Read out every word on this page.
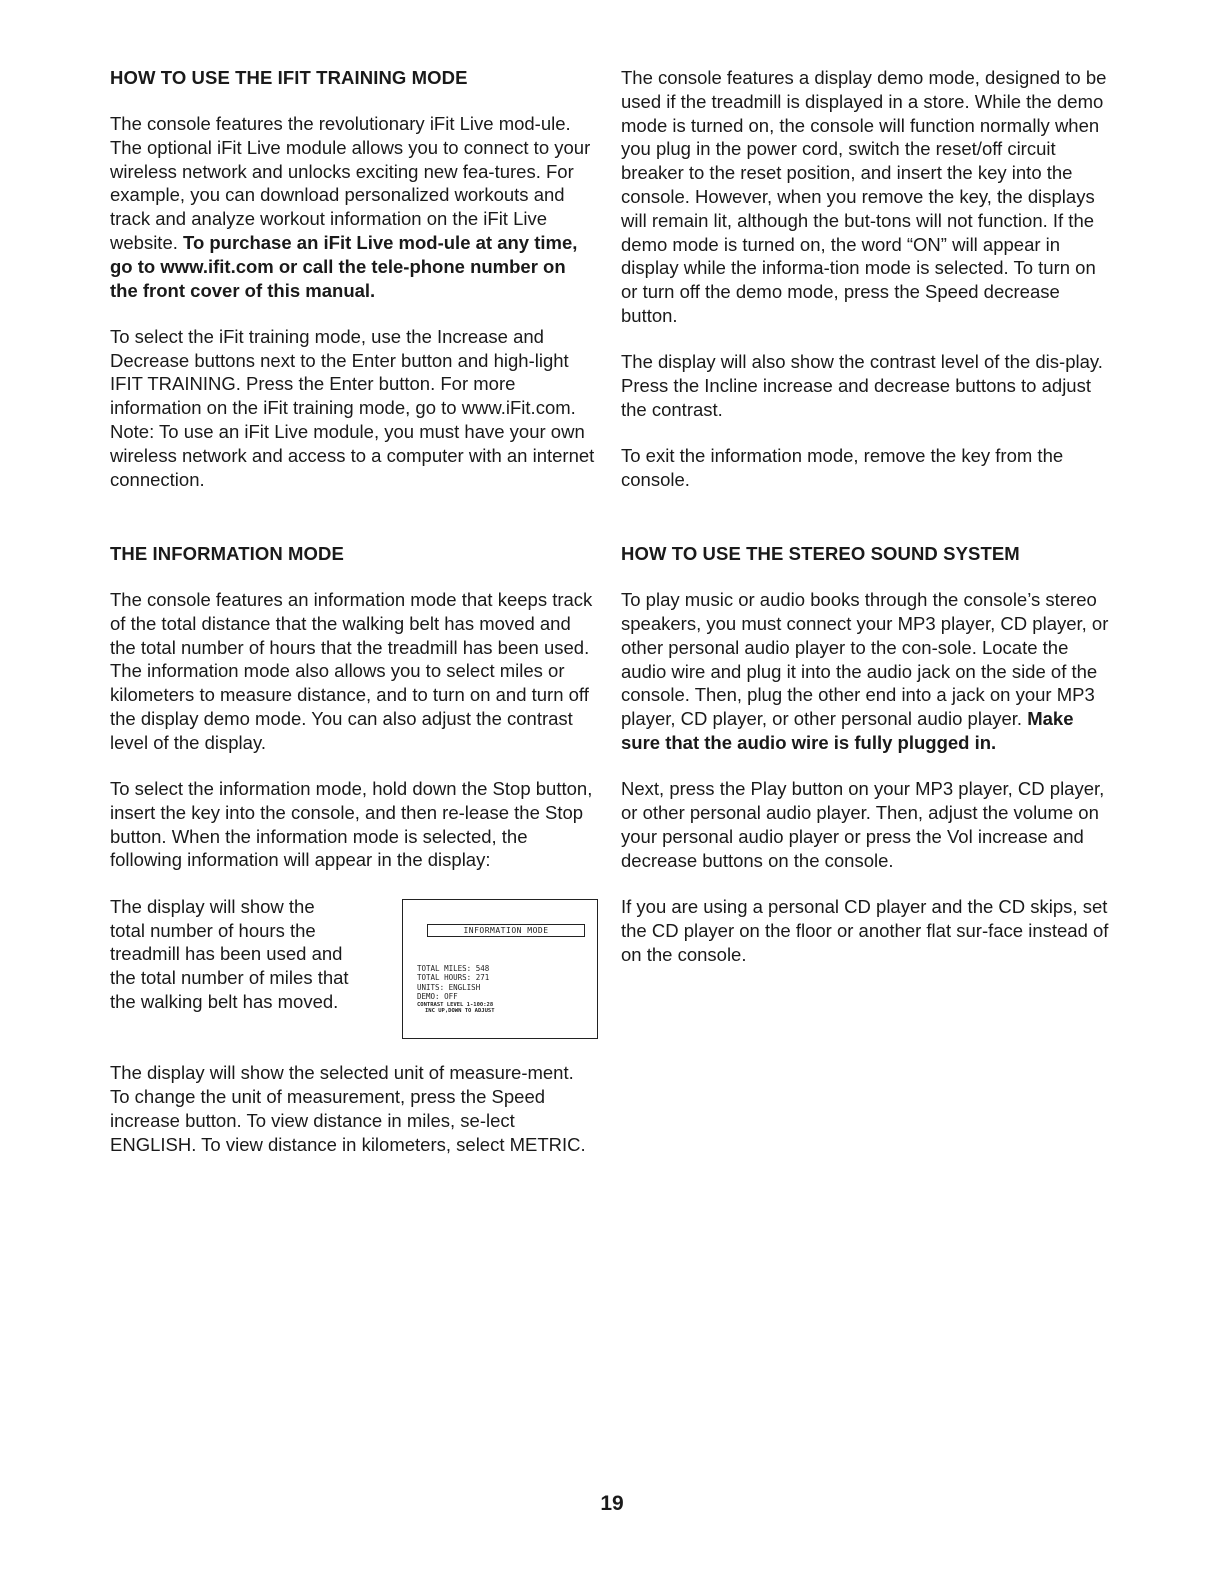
HOW TO USE THE IFIT TRAINING MODE

The console features the revolutionary iFit Live mod-ule. The optional iFit Live module allows you to connect to your wireless network and unlocks exciting new fea-tures. For example, you can download personalized workouts and track and analyze workout information on the iFit Live website. To purchase an iFit Live mod-ule at any time, go to www.ifit.com or call the tele-phone number on the front cover of this manual.

To select the iFit training mode, use the Increase and Decrease buttons next to the Enter button and high-light IFIT TRAINING. Press the Enter button. For more information on the iFit training mode, go to www.iFit.com. Note: To use an iFit Live module, you must have your own wireless network and access to a computer with an internet connection.

THE INFORMATION MODE

The console features an information mode that keeps track of the total distance that the walking belt has moved and the total number of hours that the treadmill has been used. The information mode also allows you to select miles or kilometers to measure distance, and to turn on and turn off the display demo mode. You can also adjust the contrast level of the display.

To select the information mode, hold down the Stop button, insert the key into the console, and then re-lease the Stop button. When the information mode is selected, the following information will appear in the display:

The display will show the total number of hours the treadmill has been used and the total number of miles that the walking belt has moved.

INFORMATION MODE
TOTAL MILES: 548
TOTAL HOURS: 271
UNITS: ENGLISH
DEMO: OFF
CONTRAST LEVEL 1-100:28
INC UP,DOWN TO ADJUST

The display will show the selected unit of measure-ment. To change the unit of measurement, press the Speed increase button. To view distance in miles, se-lect ENGLISH. To view distance in kilometers, select METRIC.

The console features a display demo mode, designed to be used if the treadmill is displayed in a store. While the demo mode is turned on, the console will function normally when you plug in the power cord, switch the reset/off circuit breaker to the reset position, and insert the key into the console. However, when you remove the key, the displays will remain lit, although the but-tons will not function. If the demo mode is turned on, the word “ON” will appear in display while the informa-tion mode is selected. To turn on or turn off the demo mode, press the Speed decrease button.

The display will also show the contrast level of the dis-play. Press the Incline increase and decrease buttons to adjust the contrast.

To exit the information mode, remove the key from the console.

HOW TO USE THE STEREO SOUND SYSTEM

To play music or audio books through the console’s stereo speakers, you must connect your MP3 player, CD player, or other personal audio player to the con-sole. Locate the audio wire and plug it into the audio jack on the side of the console. Then, plug the other end into a jack on your MP3 player, CD player, or other personal audio player. Make sure that the audio wire is fully plugged in.

Next, press the Play button on your MP3 player, CD player, or other personal audio player. Then, adjust the volume on your personal audio player or press the Vol increase and decrease buttons on the console.

If you are using a personal CD player and the CD skips, set the CD player on the floor or another flat sur-face instead of on the console.

19
